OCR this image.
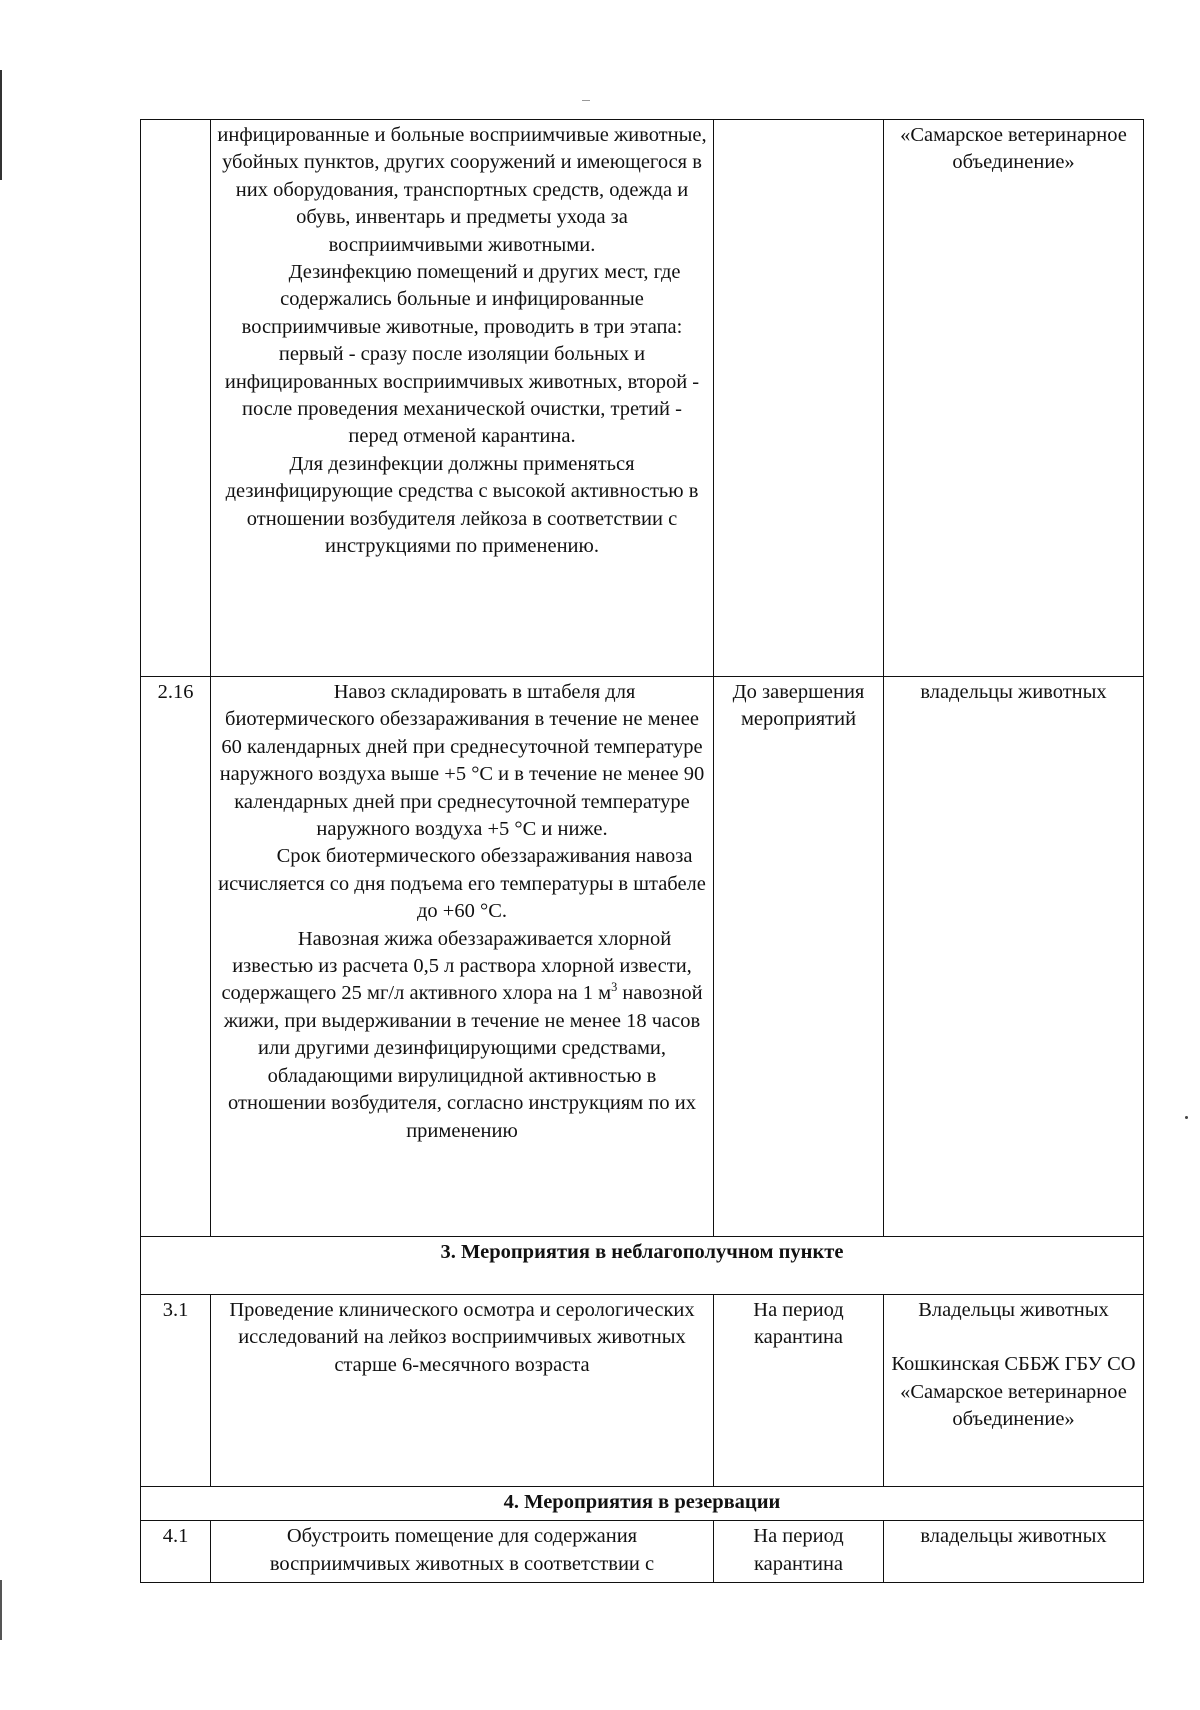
	инфицированные и больные восприимчивые животные, убойных пунктов, других сооружений и имеющегося в них оборудования, транспортных средств, одежда и обувь, инвентарь и предметы ухода за восприимчивыми животными.
Дезинфекцию помещений и других мест, где содержались больные и инфицированные восприимчивые животные, проводить в три этапа: первый - сразу после изоляции больных и инфицированных восприимчивых животных, второй - после проведения механической очистки, третий - перед отменой карантина.
Для дезинфекции должны применяться дезинфицирующие средства с высокой активностью в отношении возбудителя лейкоза в соответствии с инструкциями по применению.		«Самарское ветеринарное объединение»
2.16	Навоз складировать в штабеля для биотермического обеззараживания в течение не менее 60 календарных дней при среднесуточной температуре наружного воздуха выше +5 °С и в течение не менее 90 календарных дней при среднесуточной температуре наружного воздуха +5 °С и ниже.
Срок биотермического обеззараживания навоза исчисляется со дня подъема его температуры в штабеле до +60 °С.
Навозная жижа обеззараживается хлорной известью из расчета 0,5 л раствора хлорной извести, содержащего 25 мг/л активного хлора на 1 $м^3$ навозной жижи, при выдерживании в течение не менее 18 часов или другими дезинфицирующими средствами, обладающими вирулицидной активностью в отношении возбудителя, согласно инструкциям по их применению	До завершения мероприятий	владельцы животных
3. Мероприятия в неблагополучном пункте			
3.1	Проведение клинического осмотра и серологических исследований на лейкоз восприимчивых животных старше 6-месячного возраста	На период карантина	Владельцы животных
Кошкинская СББЖ ГБУ СО «Самарское ветеринарное объединение»

4. Мероприятия в резервации			
4.1	Обустроить помещение для содержания восприимчивых животных в соответствии с	На период карантина	владельцы животных
